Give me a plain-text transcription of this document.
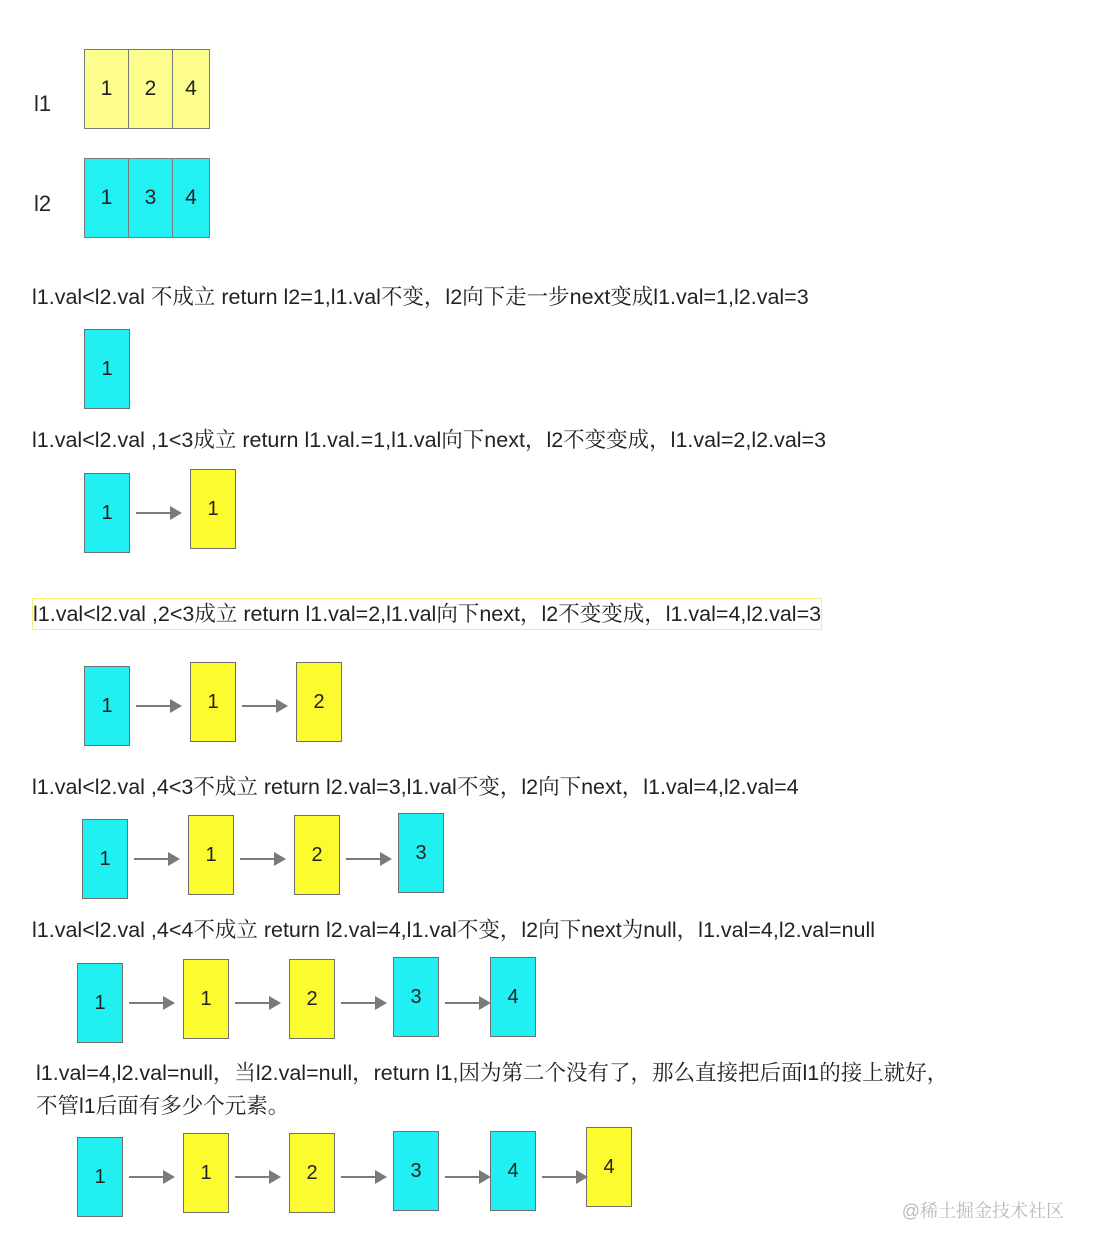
l1
1	2	4
l2	1	3	4
l1.val<l2.val 不成立 return l2=1,l1.val不变，l2向下走一步next变成l1.val=1,l2.val=3
1
l1.val<l2.val ,1<3成立 return l1.val.=1,l1.val向下next，l2不变变成，l1.val=2,l2.val=3
1	1
l1.val<l2.val ,2<3成立 return l1.val=2,l1.val向下next，l2不变变成，l1.val=4,l2.val=3
1	1	2
l1.val<l2.val ,4<3不成立 return l2.val=3,l1.val不变，l2向下next，l1.val=4,l2.val=4
1	1	2	3
l1.val<l2.val ,4<4不成立 return l2.val=4,l1.val不变，l2向下next为null，l1.val=4,l2.val=null
1	1	2	3	4
l1.val=4,l2.val=null，当l2.val=null，return l1,因为第二个没有了，那么直接把后面l1的接上就好，
不管l1后面有多少个元素。
1	1	2	3	4	4
@稀土掘金技术社区
